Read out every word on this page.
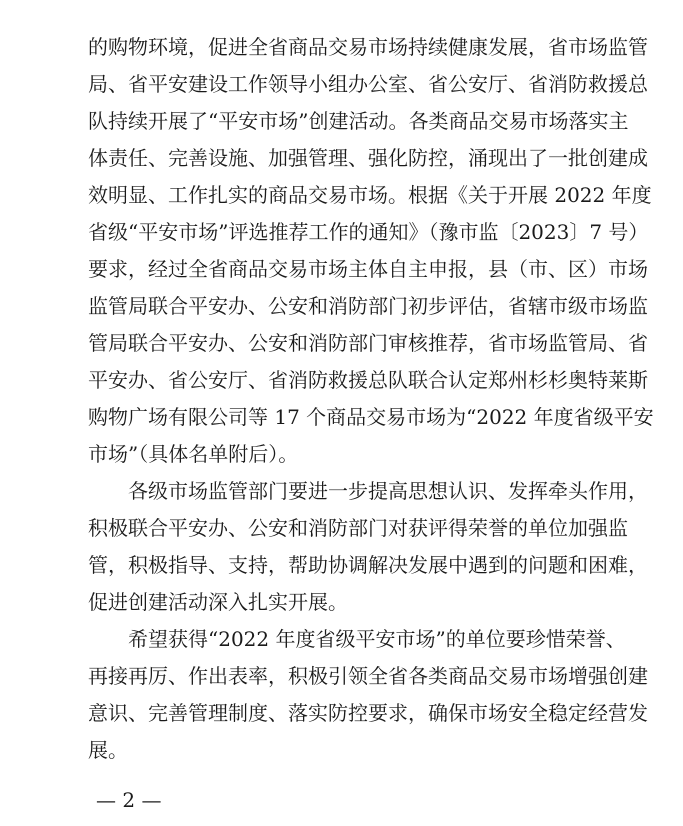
的购物环境，促进全省商品交易市场持续健康发展，省市场监管
局、省平安建设工作领导小组办公室、省公安厅、省消防救援总
队持续开展了“平安市场”创建活动。各类商品交易市场落实主
体责任、完善设施、加强管理、强化防控，涌现出了一批创建成
效明显、工作扎实的商品交易市场。根据《关于开展 2022 年度
省级“平安市场”评选推荐工作的通知》（豫市监〔2023〕7 号）
要求，经过全省商品交易市场主体自主申报，县（市、区）市场
监管局联合平安办、公安和消防部门初步评估，省辖市级市场监
管局联合平安办、公安和消防部门审核推荐，省市场监管局、省
平安办、省公安厅、省消防救援总队联合认定郑州杉杉奥特莱斯
购物广场有限公司等 17 个商品交易市场为“2022 年度省级平安
市场”（具体名单附后）。
各级市场监管部门要进一步提高思想认识、发挥牵头作用，
积极联合平安办、公安和消防部门对获评得荣誉的单位加强监
管，积极指导、支持，帮助协调解决发展中遇到的问题和困难，
促进创建活动深入扎实开展。
希望获得“2022 年度省级平安市场”的单位要珍惜荣誉、
再接再厉、作出表率，积极引领全省各类商品交易市场增强创建
意识、完善管理制度、落实防控要求，确保市场安全稳定经营发
展。
— 2 —
